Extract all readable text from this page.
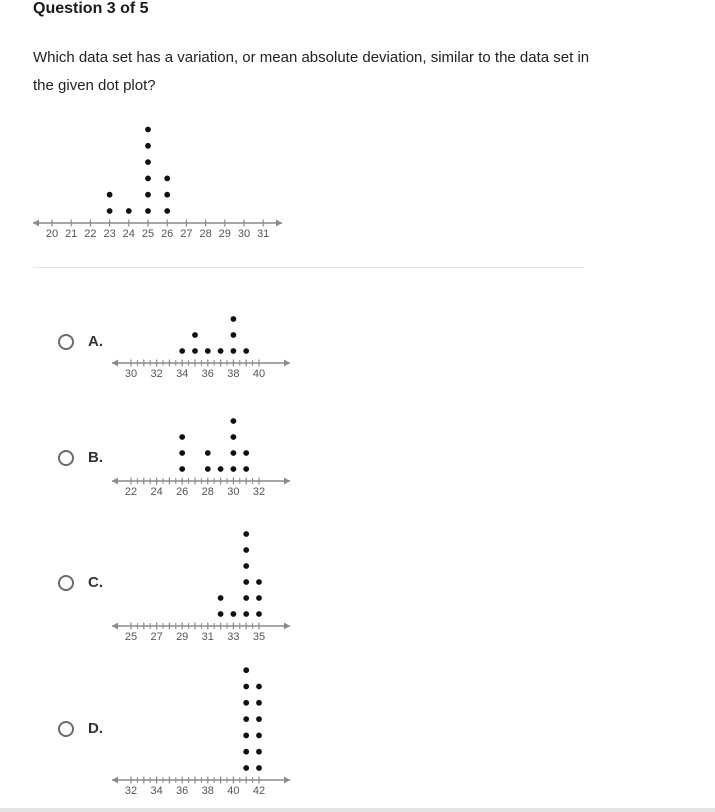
Question 3 of 5
Which data set has a variation, or mean absolute deviation, similar to the data set in the given dot plot?
20 21 22 23 24 25 26 27 28 29 30 31
A.
30 32 34 36 38 40
B.
22 24 26 28 30 32
C.
25 27 29 31 33 35
D.
32 34 36 38 40 42
